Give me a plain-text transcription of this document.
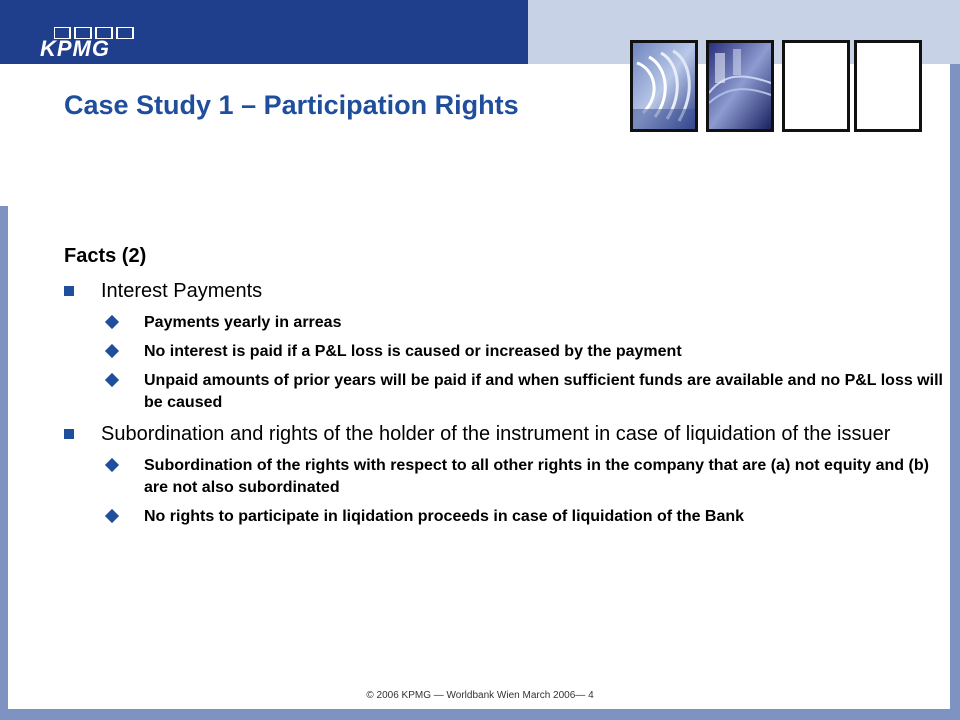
KPMG
Case Study 1 – Participation Rights
Facts (2)
Interest Payments
Payments yearly in arreas
No interest is paid if a P&L loss is caused or increased by the payment
Unpaid amounts of prior years will be paid if and when sufficient funds are available and no P&L loss will be caused
Subordination and rights of the holder of the instrument in case of liquidation of the issuer
Subordination of the rights with respect to all other rights in the company that are (a) not equity and (b) are not also subordinated
No rights to participate in liqidation proceeds in case of liquidation of the Bank
© 2006 KPMG — Worldbank Wien March 2006— 4
